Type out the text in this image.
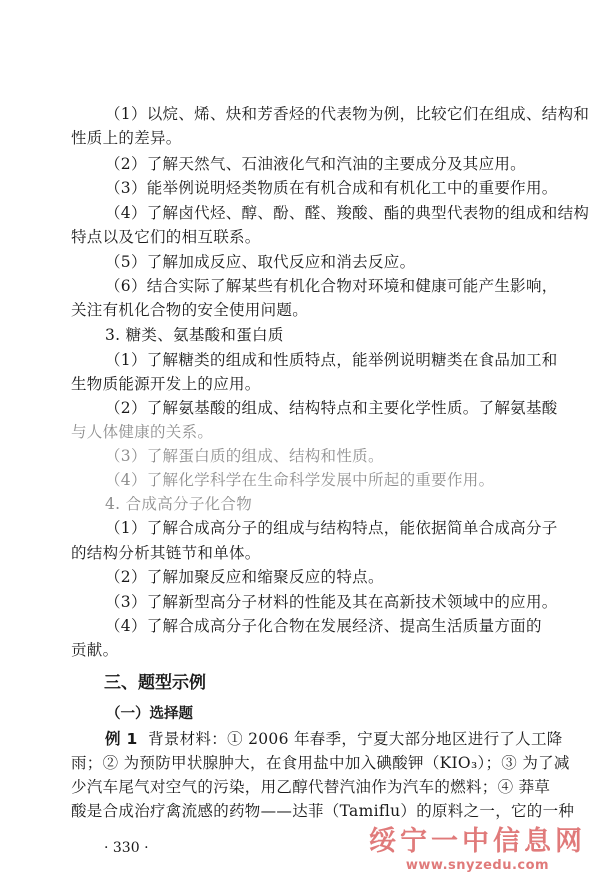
（1）以烷、烯、炔和芳香烃的代表物为例，比较它们在组成、结构和
性质上的差异。
（2）了解天然气、石油液化气和汽油的主要成分及其应用。
（3）能举例说明烃类物质在有机合成和有机化工中的重要作用。
（4）了解卤代烃、醇、酚、醛、羧酸、酯的典型代表物的组成和结构
特点以及它们的相互联系。
（5）了解加成反应、取代反应和消去反应。
（6）结合实际了解某些有机化合物对环境和健康可能产生影响，
关注有机化合物的安全使用问题。
3. 糖类、氨基酸和蛋白质
（1）了解糖类的组成和性质特点，能举例说明糖类在食品加工和
生物质能源开发上的应用。
（2）了解氨基酸的组成、结构特点和主要化学性质。了解氨基酸
与人体健康的关系。
（3）了解蛋白质的组成、结构和性质。
（4）了解化学科学在生命科学发展中所起的重要作用。
4. 合成高分子化合物
（1）了解合成高分子的组成与结构特点，能依据简单合成高分子
的结构分析其链节和单体。
（2）了解加聚反应和缩聚反应的特点。
（3）了解新型高分子材料的性能及其在高新技术领域中的应用。
（4）了解合成高分子化合物在发展经济、提高生活质量方面的
贡献。
三、题型示例
（一）选择题
例 1 背景材料：① 2006 年春季，宁夏大部分地区进行了人工降
雨；② 为预防甲状腺肿大，在食用盐中加入碘酸钾（KIO₃）；③ 为了减
少汽车尾气对空气的污染，用乙醇代替汽油作为汽车的燃料；④ 莽草
酸是合成治疗禽流感的药物——达菲（Tamiflu）的原料之一，它的一种
· 330 ·	绥宁一中信息网
www.snyzedu.com
